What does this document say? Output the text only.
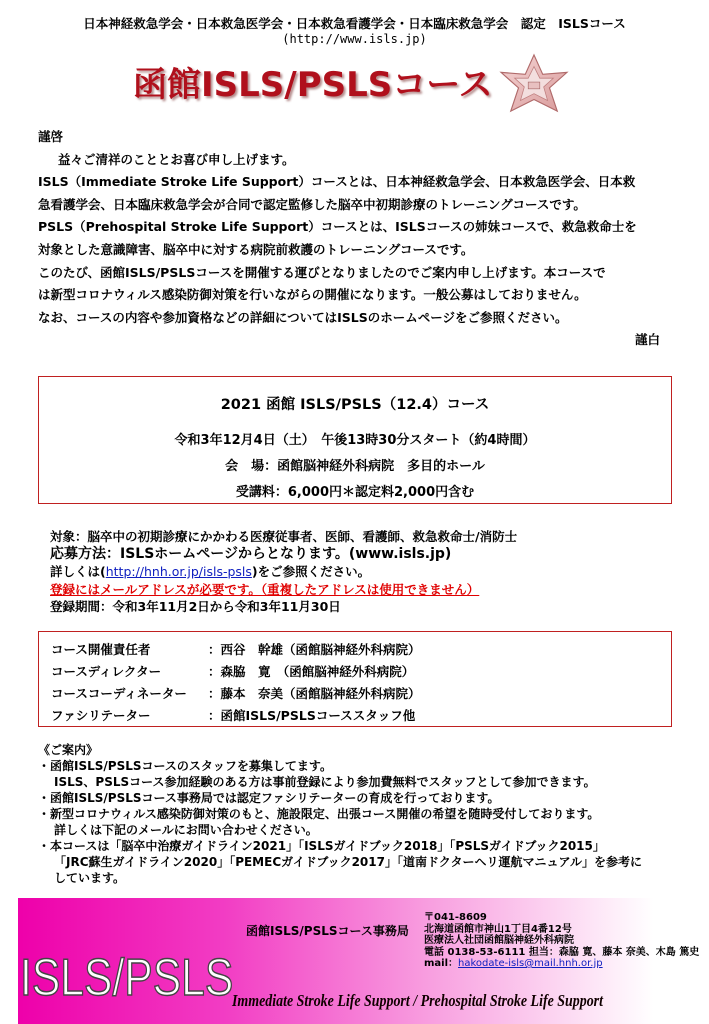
日本神経救急学会・日本救急医学会・日本救急看護学会・日本臨床救急学会　認定　ISLSコース
(http://www.isls.jp)
函館ISLS/PSLSコース

謹啓

益々ご清祥のこととお喜び申し上げます。

ISLS（Immediate Stroke Life Support）コースとは、日本神経救急学会、日本救急医学会、日本救

急看護学会、日本臨床救急学会が合同で認定監修した脳卒中初期診療のトレーニングコースです。

PSLS（Prehospital Stroke Life Support）コースとは、ISLSコースの姉妹コースで、救急救命士を

対象とした意識障害、脳卒中に対する病院前救護のトレーニングコースです。

このたび、函館ISLS/PSLSコースを開催する運びとなりましたのでご案内申し上げます。本コースで

は新型コロナウィルス感染防御対策を行いながらの開催になります。一般公募はしておりません。

なお、コースの内容や参加資格などの詳細についてはISLSのホームページをご参照ください。

謹白

2021 函館 ISLS/PSLS（12.4）コース
令和3年12月4日（土）　午後13時30分スタート（約4時間）
会　場：函館脳神経外科病院　多目的ホール
受講料：6,000円＊認定料2,000円含む
対象：脳卒中の初期診療にかかわる医療従事者、医師、看護師、救急救命士/消防士
応募方法：ISLSホームページからとなります。(www.isls.jp)
詳しくは(http://hnh.or.jp/isls-psls)をご参照ください。
登録にはメールアドレスが必要です。（重複したアドレスは使用できません）
登録期間：令和3年11月2日から令和3年11月30日
コース開催責任者	：西谷　幹雄（函館脳神経外科病院）
コースディレクター	：森脇　寛　（函館脳神経外科病院）
コースコーディネーター ：藤本　奈美（函館脳神経外科病院）
ファシリテーター	：函館ISLS/PSLSコーススタッフ他
《ご案内》
・函館ISLS/PSLSコースのスタッフを募集してます。
ISLS、PSLSコース参加経験のある方は事前登録により参加費無料でスタッフとして参加できます。
・函館ISLS/PSLSコース事務局では認定ファシリテーターの育成を行っております。
・新型コロナウィルス感染防御対策のもと、施設限定、出張コース開催の希望を随時受付しております。
詳しくは下記のメールにお問い合わせください。
・本コースは「脳卒中治療ガイドライン2021」「ISLSガイドブック2018」「PSLSガイドブック2015」
「JRC蘇生ガイドライン2020」「PEMECガイドブック2017」「道南ドクターヘリ運航マニュアル」を参考に
しています。
ISLS/PSLS
函館ISLS/PSLSコース事務局
〒041-8609
北海道函館市神山1丁目4番12号
医療法人社団函館脳神経外科病院
電話 0138-53-6111 担当：森脇 寛、藤本 奈美、木島 篤史
mail：hakodate-isls@mail.hnh.or.jp
Immediate Stroke Life Support / Prehospital Stroke Life Support
